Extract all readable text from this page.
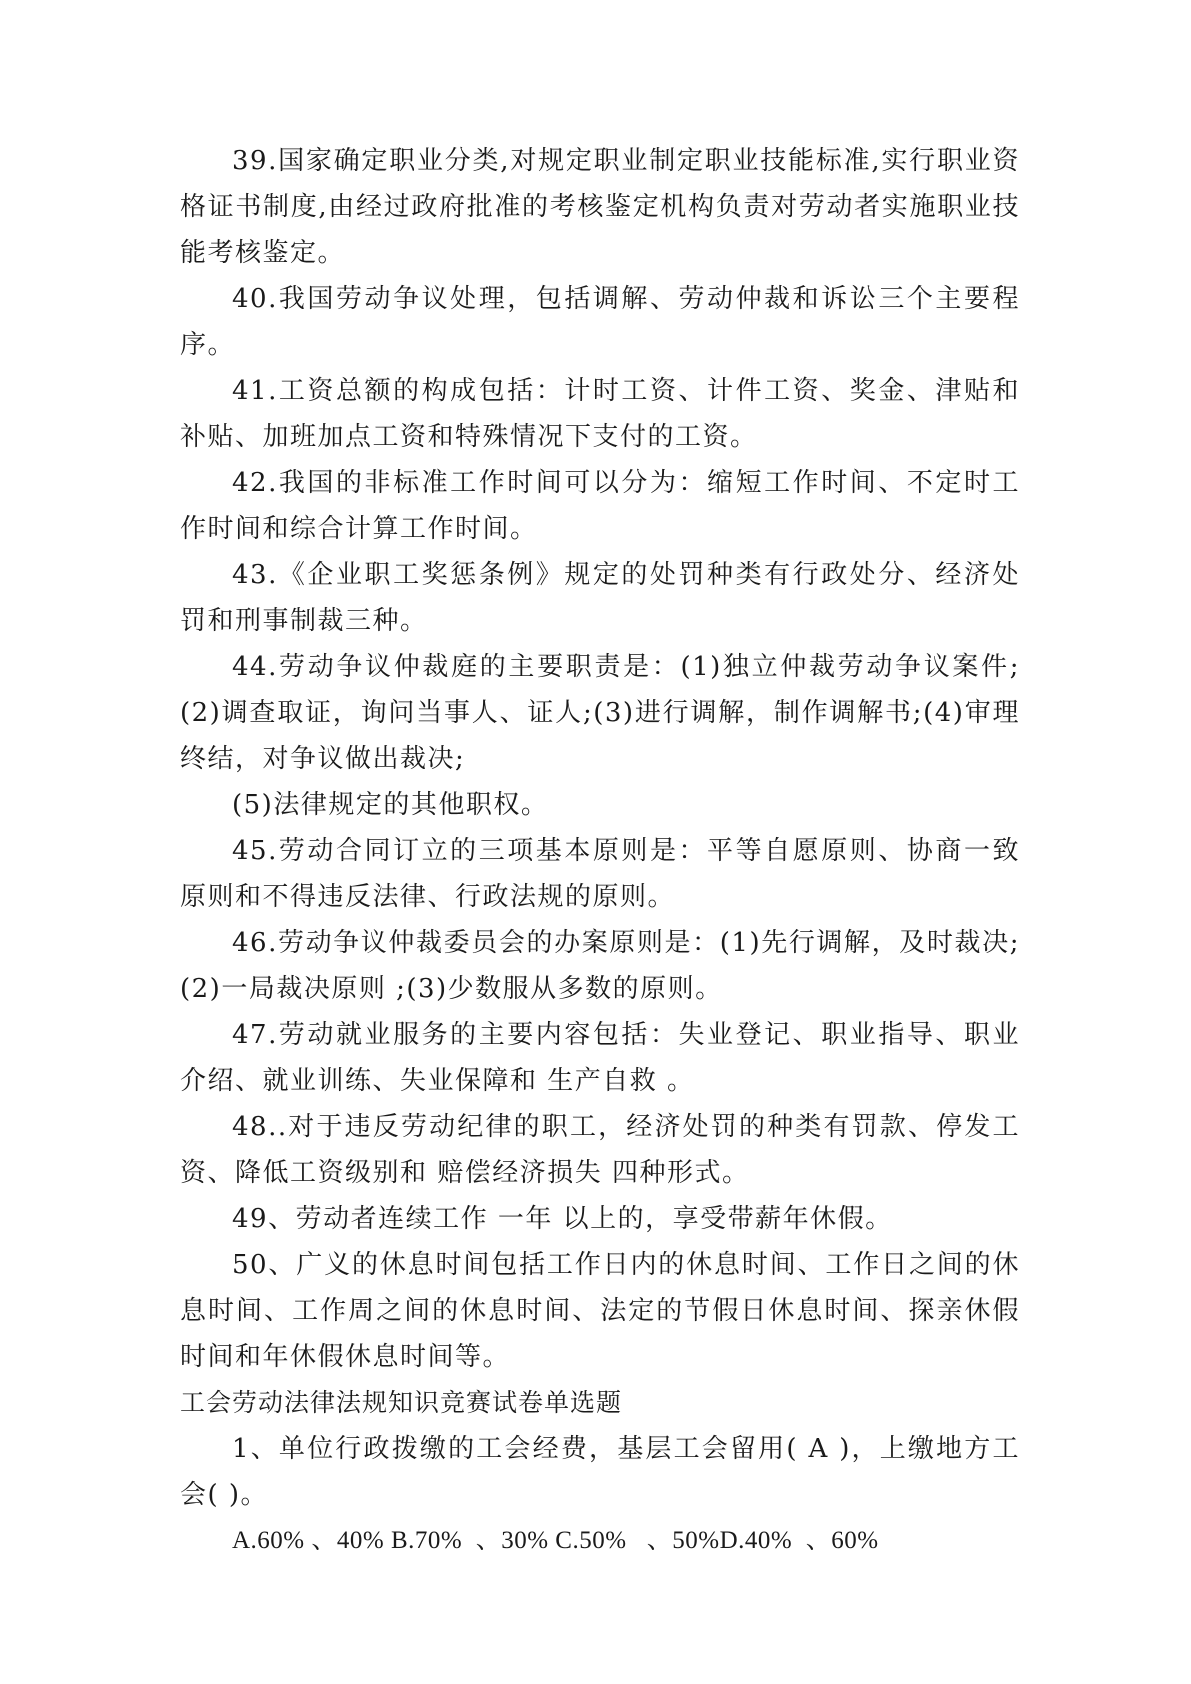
39.国家确定职业分类,对规定职业制定职业技能标准,实行职业资格证书制度,由经过政府批准的考核鉴定机构负责对劳动者实施职业技能考核鉴定。

40.我国劳动争议处理，包括调解、劳动仲裁和诉讼三个主要程序。

41.工资总额的构成包括：计时工资、计件工资、奖金、津贴和补贴、加班加点工资和特殊情况下支付的工资。

42.我国的非标准工作时间可以分为：缩短工作时间、不定时工作时间和综合计算工作时间。

43.《企业职工奖惩条例》规定的处罚种类有行政处分、经济处罚和刑事制裁三种。

44.劳动争议仲裁庭的主要职责是：(1)独立仲裁劳动争议案件;(2)调查取证，询问当事人、证人;(3)进行调解，制作调解书;(4)审理终结，对争议做出裁决;

(5)法律规定的其他职权。

45.劳动合同订立的三项基本原则是：平等自愿原则、协商一致原则和不得违反法律、行政法规的原则。

46.劳动争议仲裁委员会的办案原则是：(1)先行调解，及时裁决;(2)一局裁决原则 ;(3)少数服从多数的原则。

47.劳动就业服务的主要内容包括：失业登记、职业指导、职业介绍、就业训练、失业保障和 生产自救 。

48..对于违反劳动纪律的职工，经济处罚的种类有罚款、停发工资、降低工资级别和 赔偿经济损失 四种形式。

49、劳动者连续工作 一年 以上的，享受带薪年休假。

50、广义的休息时间包括工作日内的休息时间、工作日之间的休息时间、工作周之间的休息时间、法定的节假日休息时间、探亲休假时间和年休假休息时间等。

工会劳动法律法规知识竞赛试卷单选题

1、单位行政拨缴的工会经费，基层工会留用( A )，上缴地方工会( )。

A.60% 、40% B.70%  、30% C.50%   、50%D.40%  、60%
